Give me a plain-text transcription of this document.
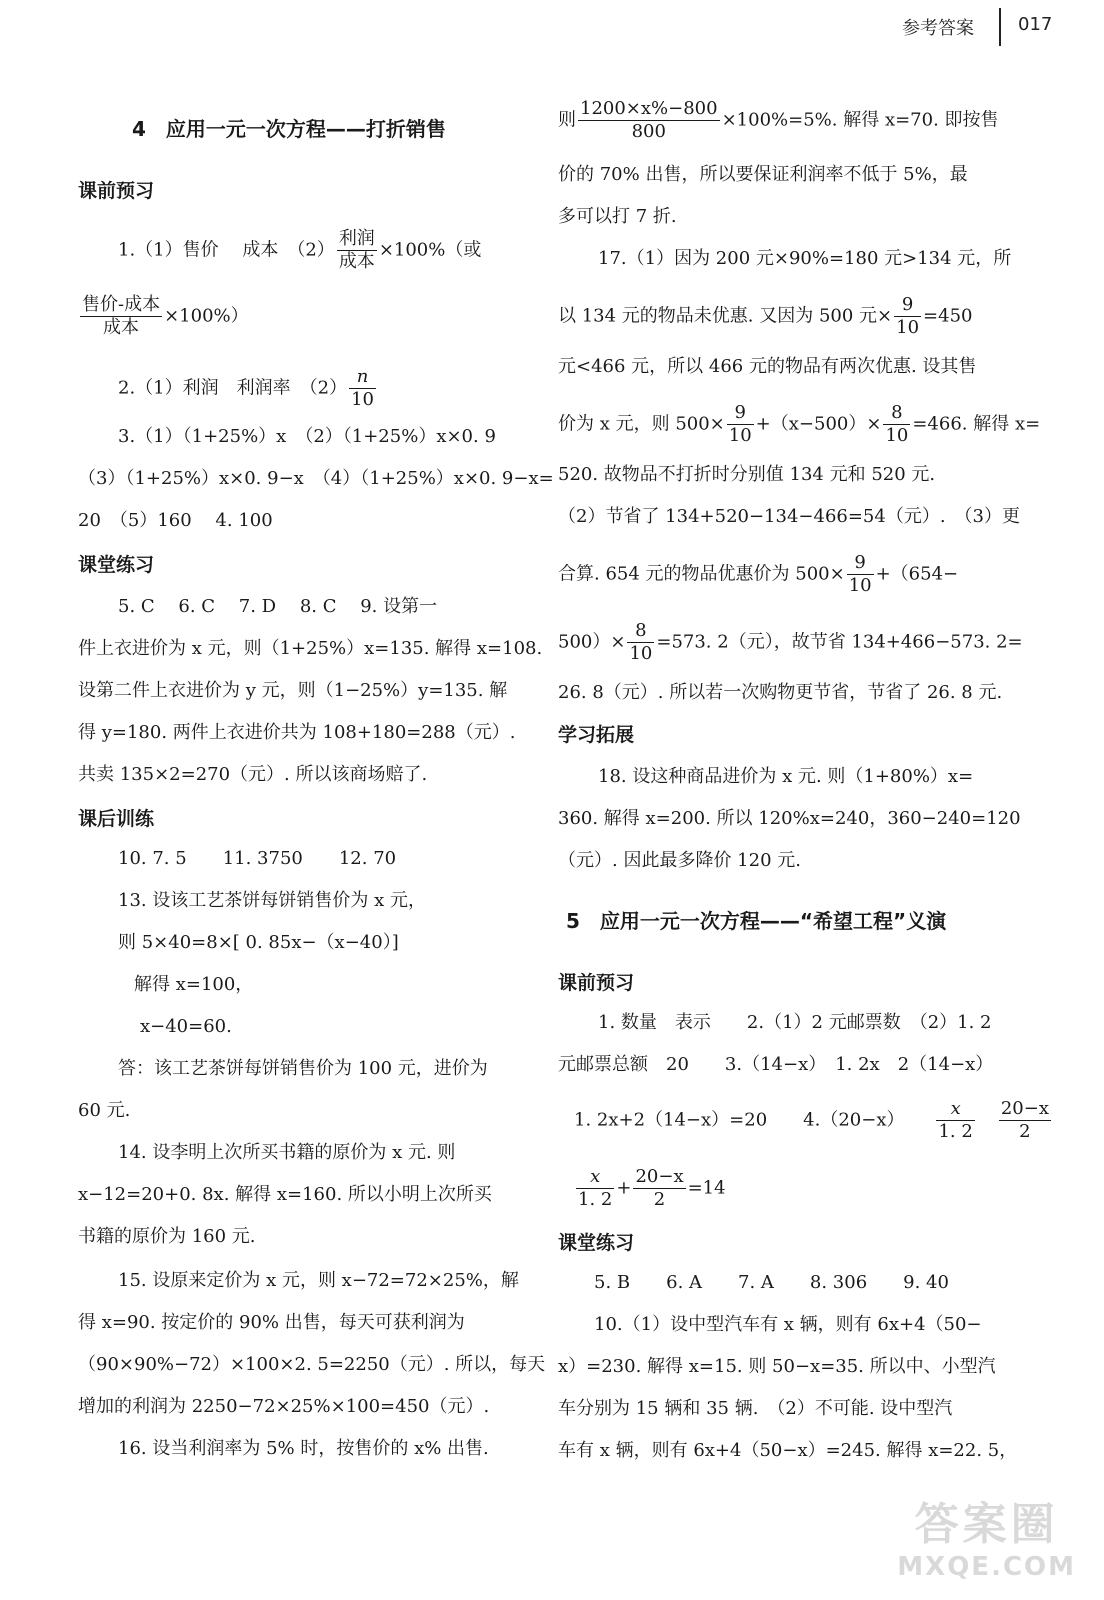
参考答案 017
4　应用一元一次方程——打折销售
课前预习
1.（1）售价　 成本　$(2) \frac{\text{利润}}{\text{成本}} \times 100\%$（或
$\frac{\text{售价-成本}}{\text{成本}} \times 100\%$）
2.（1）利润　利润率　$(2) \frac{n}{10}$
3.（1）（1+25%）x　（2）（1+25%）x×0. 9
（3）（1+25%）x×0. 9−x　（4）（1+25%）x×0. 9−x=
20　（5）160　 4. 100
课堂练习
5. C　 6. C　 7. D　 8. C　 9. 设第一
件上衣进价为 x 元，则（1+25%）x=135. 解得 x=108.
设第二件上衣进价为 y 元，则（1−25%）y=135. 解
得 y=180. 两件上衣进价共为 108+180=288（元）.
共卖 135×2=270（元）. 所以该商场赔了.
课后训练
10. 7. 5　　11. 3750　　12. 70
13. 设该工艺茶饼每饼销售价为 x 元，
则 5×40=8×[ 0. 85x−（x−40）]
解得 x=100，
x−40=60.
答：该工艺茶饼每饼销售价为 100 元，进价为
60 元.
14. 设李明上次所买书籍的原价为 x 元. 则
x−12=20+0. 8x. 解得 x=160. 所以小明上次所买
书籍的原价为 160 元.
15. 设原来定价为 x 元，则 x−72=72×25%，解
得 x=90. 按定价的 90% 出售，每天可获利润为
（90×90%−72）×100×2. 5=2250（元）. 所以，每天
增加的利润为 2250−72×25%×100=450（元）.
16. 设当利润率为 5% 时，按售价的 x% 出售.
则 $\frac{1200\times x\%-800}{800} \times 100\%=5\%$. 解得 x=70. 即按售
价的 70% 出售，所以要保证利润率不低于 5%，最
多可以打 7 折.
17.（1）因为 200 元×90%=180 元>134 元，所
以 134 元的物品未优惠. 又因为 500 元× $\frac{9}{10} =450$
元<466 元，所以 466 元的物品有两次优惠. 设其售
价为 x 元，则 $500\times \frac{9}{10} +(x-500)\times \frac{8}{10} =466$. 解得 x=
520. 故物品不打折时分别值 134 元和 520 元.
（2）节省了 134+520−134−466=54（元）.　（3）更
合算. 654 元的物品优惠价为 $500\times \frac{9}{10} +(654-$
$500)\times \frac{8}{10} =573$. 2（元），故节省 134+466−573. 2=
26. 8（元）. 所以若一次购物更节省，节省了 26. 8 元.
学习拓展
18. 设这种商品进价为 x 元. 则（1+80%）x=
360. 解得 x=200. 所以 120%x=240，360−240=120
（元）. 因此最多降价 120 元.
5　应用一元一次方程——“希望工程”义演
课前预习
1. 数量　表示　　2.（1）2 元邮票数　（2）1. 2
元邮票总额　20　　3.（14−x）　1. 2x　2（14−x）
1. 2x+2（14−x）=20　　$4.(20-x) \frac{x}{1. 2} \frac{20-x}{2}$
$\frac{x}{1. 2} + \frac{20-x}{2} =14$
课堂练习
5. B　　6. A　　7. A　　8. 306　　9. 40
10.（1）设中型汽车有 x 辆，则有 6x+4（50−
x）=230. 解得 x=15. 则 50−x=35. 所以中、小型汽
车分别为 15 辆和 35 辆.　（2）不可能. 设中型汽
车有 x 辆，则有 6x+4（50−x）=245. 解得 x=22. 5，
答案圈
MXQE.COM
